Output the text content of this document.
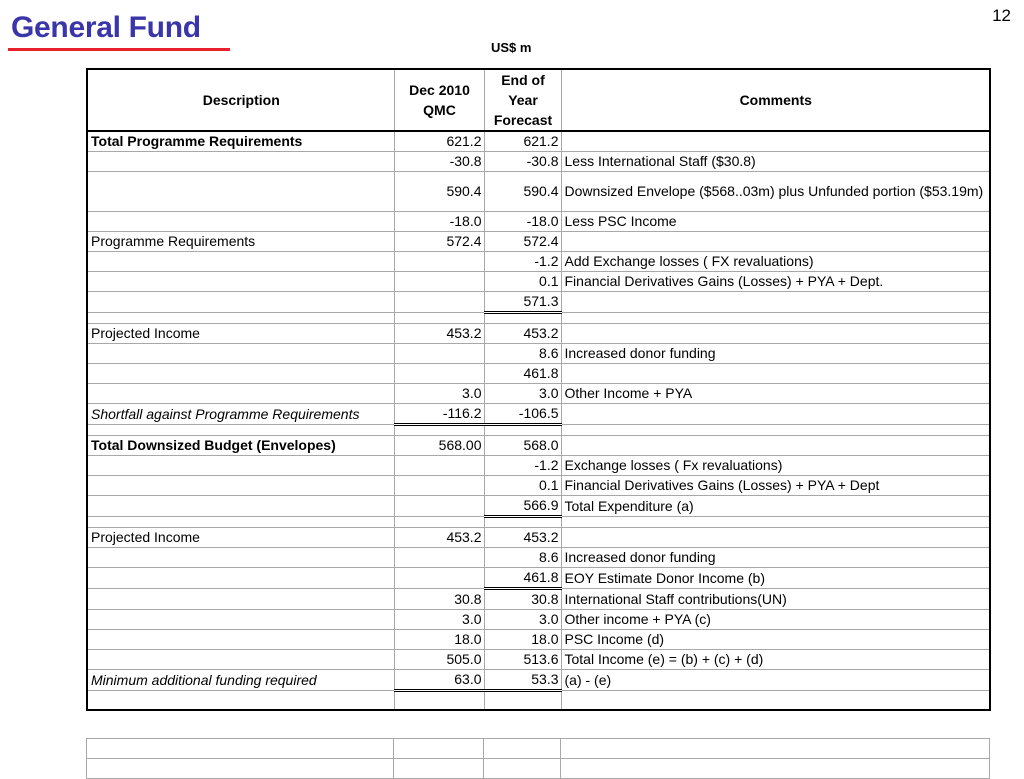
General Fund	12
US$ m
Description	Dec 2010 QMC	End of Year Forecast	Comments
Total Programme Requirements	621.2	621.2	
	-30.8	-30.8	Less International Staff ($30.8)
	590.4	590.4	Downsized Envelope ($568..03m) plus Unfunded portion ($53.19m)
	-18.0	-18.0	Less PSC Income
Programme Requirements	572.4	572.4	
		-1.2	Add Exchange losses ( FX revaluations)
		0.1	Financial Derivatives Gains (Losses) + PYA + Dept.
		571.3	

Projected Income	453.2	453.2	
		8.6	Increased donor funding
		461.8	
	3.0	3.0	Other Income + PYA
Shortfall against Programme Requirements	-116.2	-106.5	

Total Downsized Budget (Envelopes)	568.00	568.0	
		-1.2	Exchange losses ( Fx revaluations)
		0.1	Financial Derivatives Gains (Losses) + PYA + Dept
		566.9	Total Expenditure (a)

Projected Income	453.2	453.2	
		8.6	Increased donor funding
		461.8	EOY Estimate Donor Income (b)
	30.8	30.8	International Staff contributions(UN)
	3.0	3.0	Other income + PYA (c)
	18.0	18.0	PSC Income (d)
	505.0	513.6	Total Income (e) = (b) + (c) + (d)
Minimum additional funding required	63.0	53.3	(a) - (e)
